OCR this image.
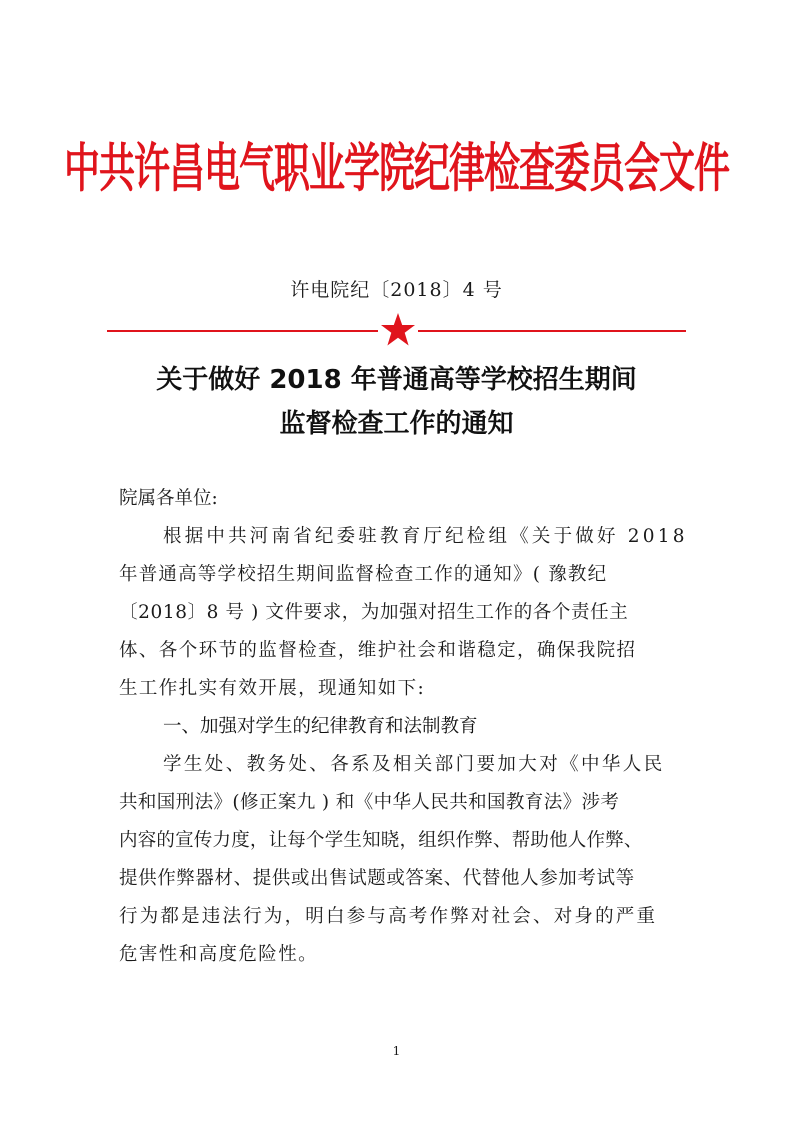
中共许昌电气职业学院纪律检查委员会文件
许电院纪〔2018〕4 号
关于做好 2018 年普通高等学校招生期间
监督检查工作的通知
院属各单位:
根据中共河南省纪委驻教育厅纪检组《关于做好 2018
年普通高等学校招生期间监督检查工作的通知》( 豫教纪
〔2018〕8 号 ) 文件要求，为加强对招生工作的各个责任主
体、各个环节的监督检查，维护社会和谐稳定，确保我院招
生工作扎实有效开展，现通知如下:
一、加强对学生的纪律教育和法制教育
学生处、教务处、各系及相关部门要加大对《中华人民
共和国刑法》(修正案九 ) 和《中华人民共和国教育法》涉考
内容的宣传力度，让每个学生知晓，组织作弊、帮助他人作弊、
提供作弊器材、提供或出售试题或答案、代替他人参加考试等
行为都是违法行为，明白参与高考作弊对社会、对身的严重
危害性和高度危险性。
1
